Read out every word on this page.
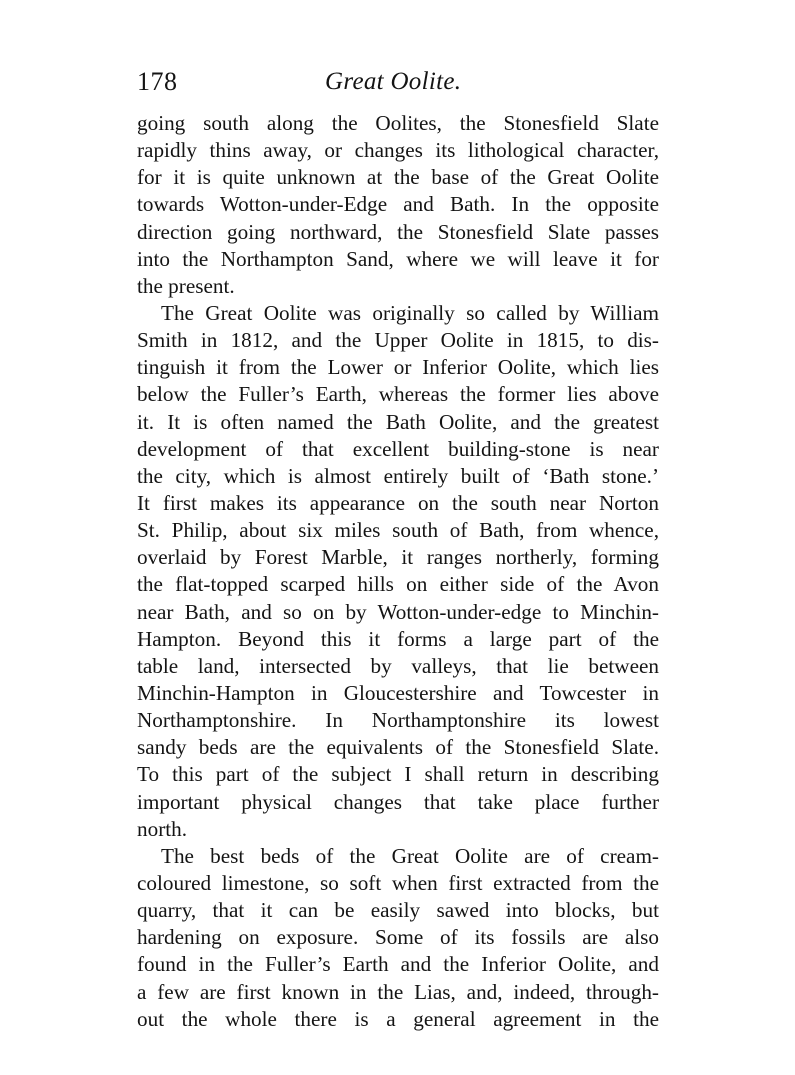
178	Great Oolite.
going south along the Oolites, the Stonesfield Slate
rapidly thins away, or changes its lithological character,
for it is quite unknown at the base of the Great Oolite
towards Wotton-under-Edge and Bath. In the opposite
direction going northward, the Stonesfield Slate passes
into the Northampton Sand, where we will leave it for
the present.
The Great Oolite was originally so called by William
Smith in 1812, and the Upper Oolite in 1815, to dis-
tinguish it from the Lower or Inferior Oolite, which lies
below the Fuller’s Earth, whereas the former lies above
it. It is often named the Bath Oolite, and the greatest
development of that excellent building-stone is near
the city, which is almost entirely built of ‘Bath stone.’
It first makes its appearance on the south near Norton
St. Philip, about six miles south of Bath, from whence,
overlaid by Forest Marble, it ranges northerly, forming
the flat-topped scarped hills on either side of the Avon
near Bath, and so on by Wotton-under-edge to Minchin-
Hampton. Beyond this it forms a large part of the
table land, intersected by valleys, that lie between
Minchin-Hampton in Gloucestershire and Towcester in
Northamptonshire. In Northamptonshire its lowest
sandy beds are the equivalents of the Stonesfield Slate.
To this part of the subject I shall return in describing
important physical changes that take place further
north.
The best beds of the Great Oolite are of cream-
coloured limestone, so soft when first extracted from the
quarry, that it can be easily sawed into blocks, but
hardening on exposure. Some of its fossils are also
found in the Fuller’s Earth and the Inferior Oolite, and
a few are first known in the Lias, and, indeed, through-
out the whole there is a general agreement in the
